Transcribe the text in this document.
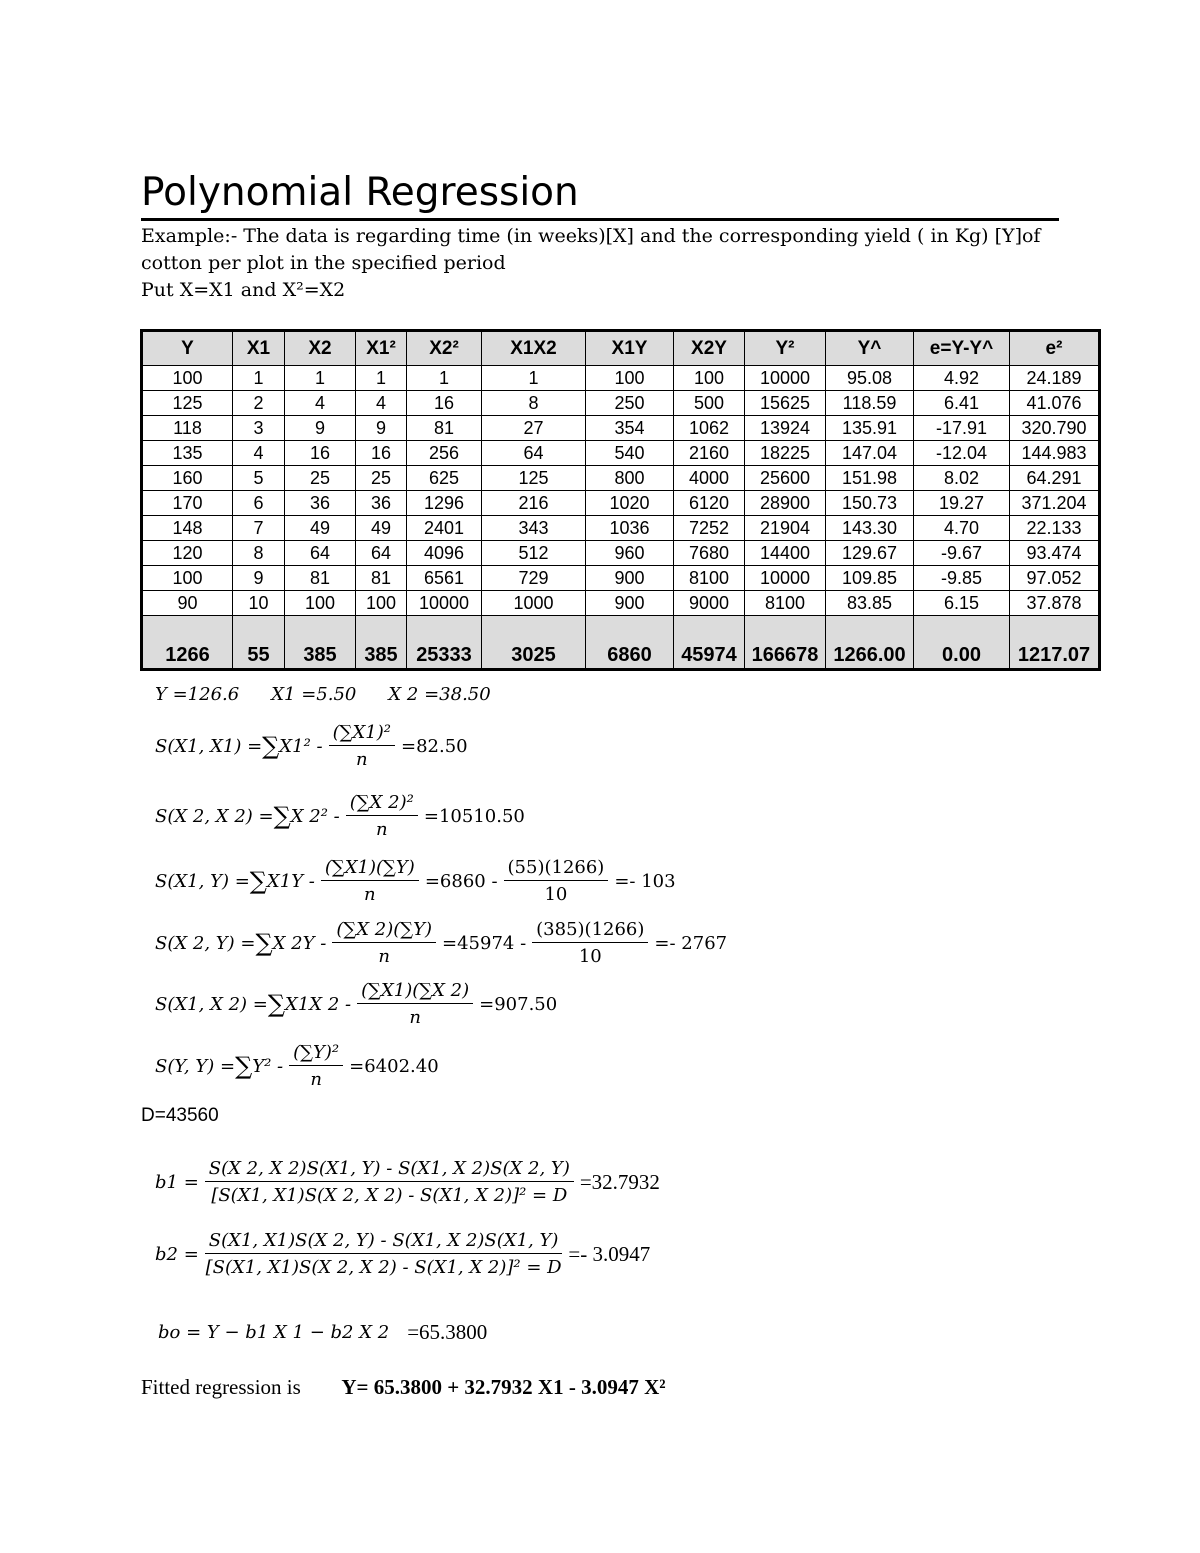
Polynomial Regression

Example:- The data is regarding time (in weeks)[X] and the corresponding yield ( in Kg) [Y]of

cotton per plot in the specified period

Put X=X1 and X²=X2

Y	X1	X2	X1²	X2²	X1X2	X1Y	X2Y	Y²	Y^	e=Y-Y^	e²
100	1	1	1	1	1	100	100	10000	95.08	4.92	24.189
125	2	4	4	16	8	250	500	15625	118.59	6.41	41.076
118	3	9	9	81	27	354	1062	13924	135.91	-17.91	320.790
135	4	16	16	256	64	540	2160	18225	147.04	-12.04	144.983
160	5	25	25	625	125	800	4000	25600	151.98	8.02	64.291
170	6	36	36	1296	216	1020	6120	28900	150.73	19.27	371.204
148	7	49	49	2401	343	1036	7252	21904	143.30	4.70	22.133
120	8	64	64	4096	512	960	7680	14400	129.67	-9.67	93.474
100	9	81	81	6561	729	900	8100	10000	109.85	-9.85	97.052
90	10	100	100	10000	1000	900	9000	8100	83.85	6.15	37.878
1266	55	385	385	25333	3025	6860	45974	166678	1266.00	0.00	1217.07
Y =126.6 X1 =5.50 X 2 =38.50
S(X1, X1) = ∑ $X1^2 - \frac{\text{(∑X1)²}}{n} =82.50$
S(X 2, X 2) = ∑ X $2^2 - \frac{\text{(∑X 2)²}}{n} =10510.50$
S(X1, Y) = ∑ $X1Y - \frac{(\sum X1)(\sum Y)}{n} =6860 - \frac{(55)(1266)}{10} =- 103$
S(X 2, Y) = ∑ X $2Y - \frac{(\sum X 2)(\sum Y)}{n} =45974 - \frac{(385)(1266)}{10} =- 2767$
S(X1, X 2) = ∑ X1X $2 - \frac{(\sum X1)(\sum X 2)}{n} =907.50$
S(Y, Y) = ∑ $Y^2 - \frac{\text{(∑Y)²}}{n} =6402.40$
D=43560
$b1 = \frac{S(X 2, X 2)S(X1, Y) - S(X1, X 2)S(X 2, Y)}{\text{[S(X1, X1)S(X 2, X 2) - S(X1, X 2)]² = D}} =32.7932$
$b2 = \frac{S(X1, X1)S(X 2, Y) - S(X1, X 2)S(X1, Y)}{\text{[S(X1, X1)S(X 2, X 2) - S(X1, X 2)]² = D}} =- 3.0947$
bo = Y − b1 X 1 − b2 X 2 =65.3800
Fitted regression is Y= 65.3800 + 32.7932 X1 - 3.0947 X²
